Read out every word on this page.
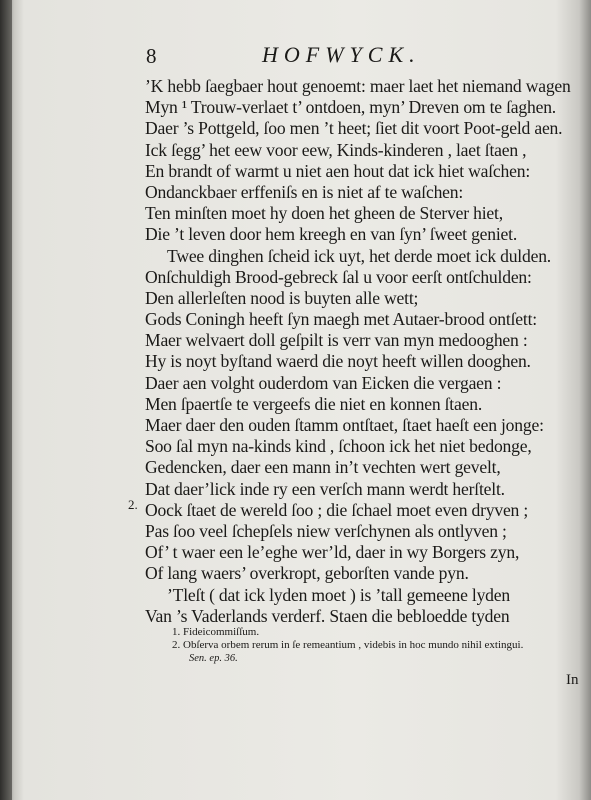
8	HOFWYCK.
’K hebb ſaegbaer hout genoemt: maer laet het niemand wagen
Myn ¹ Trouw-verlaet t’ ontdoen, myn’ Dreven om te ſaghen.
Daer ’s Pottgeld, ſoo men ’t heet; ſiet dit voort Poot-geld aen.
Ick ſegg’ het eew voor eew, Kinds-kinderen , laet ſtaen ,
En brandt of warmt u niet aen hout dat ick hiet waſchen:
Ondanckbaer erffeniſs en is niet af te waſchen:
Ten minſten moet hy doen het gheen de Sterver hiet,
Die ’t leven door hem kreegh en van ſyn’ ſweet geniet.
Twee dinghen ſcheid ick uyt, het derde moet ick dulden.
Onſchuldigh Brood-gebreck ſal u voor eerſt ontſchulden:
Den allerleſten nood is buyten alle wett;
Gods Coningh heeft ſyn maegh met Autaer-brood ontſett:
Maer welvaert doll geſpilt is verr van myn medooghen :
Hy is noyt byſtand waerd die noyt heeft willen dooghen.
Daer aen volght ouderdom van Eicken die vergaen :
Men ſpaertſe te vergeefs die niet en konnen ſtaen.
Maer daer den ouden ſtamm ontſtaet, ſtaet haeſt een jonge:
Soo ſal myn na-kinds kind , ſchoon ick het niet bedonge,
Gedencken, daer een mann in’t vechten wert gevelt,
Dat daer’lick inde ry een verſch mann werdt herſtelt.
Oock ſtaet de wereld ſoo ; die ſchael moet even dryven ;
Pas ſoo veel ſchepſels niew verſchynen als ontlyven ;
Of’ t waer een le’eghe wer’ld, daer in wy Borgers zyn,
Of lang waers’ overkropt, geborſten vande pyn.
’Tleſt ( dat ick lyden moet ) is ’tall gemeene lyden
Van ’s Vaderlands verderf. Staen die bebloedde tyden
2.
1. Fideicommiſſum.
2. Obſerva orbem rerum in ſe remeantium , videbis in hoc mundo nihil extingui.
Sen. ep. 36.
In
